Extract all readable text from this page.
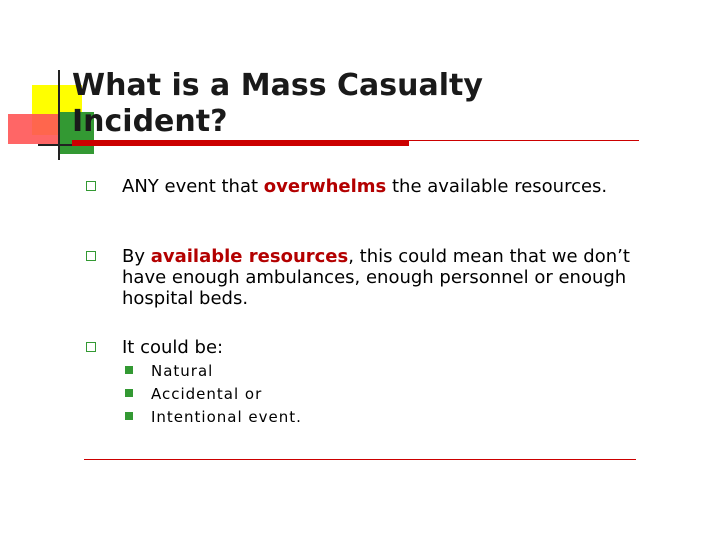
What is a Mass Casualty
Incident?
ANY event that overwhelms the available resources.
By available resources, this could mean that we don’t have enough ambulances, enough personnel or enough hospital beds.
It could be:
Natural
Accidental or
Intentional event.
